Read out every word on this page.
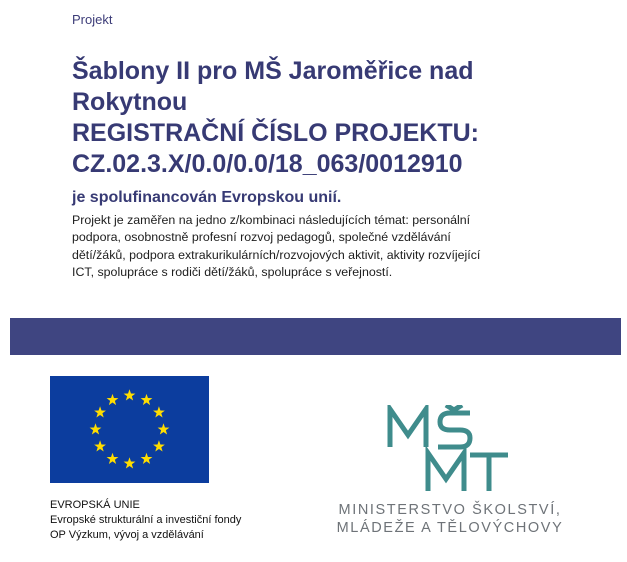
Projekt
Šablony II pro MŠ Jaroměřice nad
Rokytnou
REGISTRAČNÍ ČÍSLO PROJEKTU:
CZ.02.3.X/0.0/0.0/18_063/0012910
je spolufinancován Evropskou unií.
Projekt je zaměřen na jedno z/kombinaci následujících témat: personální
podpora, osobnostně profesní rozvoj pedagogů, společné vzdělávání
dětí/žáků, podpora extrakurikulárních/rozvojových aktivit, aktivity rozvíjející
ICT, spolupráce s rodiči dětí/žáků, spolupráce s veřejností.
EVROPSKÁ UNIE
Evropské strukturální a investiční fondy
OP Výzkum, vývoj a vzdělávání
MINISTERSTVO ŠKOLSTVÍ,
MLÁDEŽE A TĚLOVÝCHOVY
